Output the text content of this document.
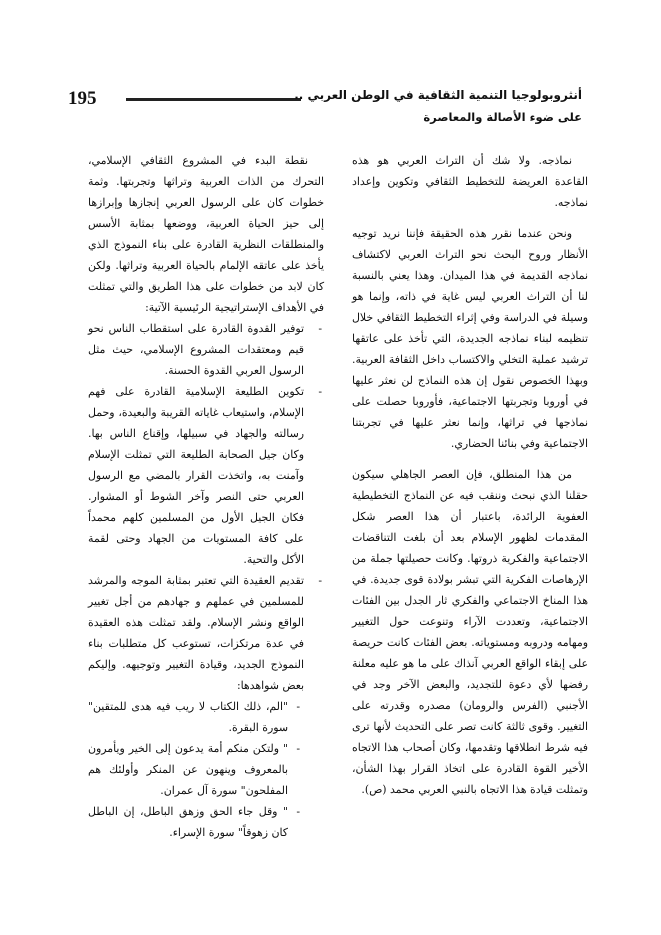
195	أنثروبولوجيا التنمية الثقافية في الوطن العربي ..
على ضوء الأصالة والمعاصرة

نماذجه. ولا شك أن التراث العربي هو هذه القاعدة العريضة للتخطيط الثقافي وتكوين وإعداد نماذجه.

ونحن عندما نقرر هذه الحقيقة فإننا نريد توجيه الأنظار وروح البحث نحو التراث العربي لاكتشاف نماذجه القديمة في هذا الميدان. وهذا يعني بالنسبة لنا أن التراث العربي ليس غاية في ذاته، وإنما هو وسيلة في الدراسة وفي إثراء التخطيط الثقافي خلال تنظيمه لبناء نماذجه الجديدة، التي تأخذ على عاتقها ترشيد عملية التخلي والاكتساب داخل الثقافة العربية. وبهذا الخصوص نقول إن هذه النماذج لن نعثر عليها في أوروبا وتجربتها الاجتماعية، فأوروبا حصلت على نماذجها في تراثها، وإنما نعثر عليها في تجربتنا الاجتماعية وفي بنائنا الحضاري.

من هذا المنطلق، فإن العصر الجاهلي سيكون حقلنا الذي نبحث وننقب فيه عن النماذج التخطيطية العفوية الرائدة، باعتبار أن هذا العصر شكل المقدمات لظهور الإسلام بعد أن بلغت التناقضات الاجتماعية والفكرية ذروتها. وكانت حصيلتها جملة من الإرهاصات الفكرية التي تبشر بولادة قوى جديدة. في هذا المناخ الاجتماعي والفكري ثار الجدل بين الفئات الاجتماعية، وتعددت الآراء وتنوعت حول التغيير ومهامه ودروبه ومستوياته. بعض الفئات كانت حريصة على إبقاء الواقع العربي آنذاك على ما هو عليه معلنة رفضها لأي دعوة للتجديد، والبعض الآخر وجد في الأجنبي (الفرس والرومان) مصدره وقدرته على التغيير. وقوى ثالثة كانت تصر على التحديث لأنها ترى فيه شرط انطلاقها وتقدمها، وكان أصحاب هذا الاتجاه الأخير القوة القادرة على اتخاذ القرار بهذا الشأن، وتمثلت قيادة هذا الاتجاه بالنبي العربي محمد (ص).

نقطة البدء في المشروع الثقافي الإسلامي، التحرك من الذات العربية وتراثها وتجربتها. وثمة خطوات كان على الرسول العربي إنجازها وإبرازها إلى حيز الحياة العربية، ووضعها بمثابة الأسس والمنطلقات النظرية القادرة على بناء النموذج الذي يأخذ على عاتقه الإلمام بالحياة العربية وتراثها. ولكن كان لابد من خطوات على هذا الطريق والتي تمثلت في الأهداف الإستراتيجية الرئيسية الآتية:

-
توفير القدوة القادرة على استقطاب الناس نحو قيم ومعتقدات المشروع الإسلامي، حيث مثل الرسول العربي القدوة الحسنة.
-
تكوين الطليعة الإسلامية القادرة على فهم الإسلام، واستيعاب غاياته القريبة والبعيدة، وحمل رسالته والجهاد في سبيلها، وإقناع الناس بها. وكان جيل الصحابة الطليعة التي تمثلت الإسلام وآمنت به، واتخذت القرار بالمضي مع الرسول العربي حتى النصر وآخر الشوط أو المشوار. فكان الجيل الأول من المسلمين كلهم محمداً على كافة المستويات من الجهاد وحتى لقمة الأكل والتحية.
-
تقديم العقيدة التي تعتبر بمثابة الموجه والمرشد للمسلمين في عملهم و جهادهم من أجل تغيير الواقع ونشر الإسلام. ولقد تمثلت هذه العقيدة في عدة مرتكزات، تستوعب كل متطلبات بناء النموذج الجديد، وقيادة التغيير وتوجيهه. وإليكم بعض شواهدها:
-
"الم، ذلك الكتاب لا ريب فيه هدى للمتقين" سورة البقرة.
-
" ولتكن منكم أمة يدعون إلى الخير ويأمرون بالمعروف وينهون عن المنكر وأولئك هم المفلحون" سورة آل عمران.
-
" وقل جاء الحق وزهق الباطل، إن الباطل كان زهوقاً" سورة الإسراء.
